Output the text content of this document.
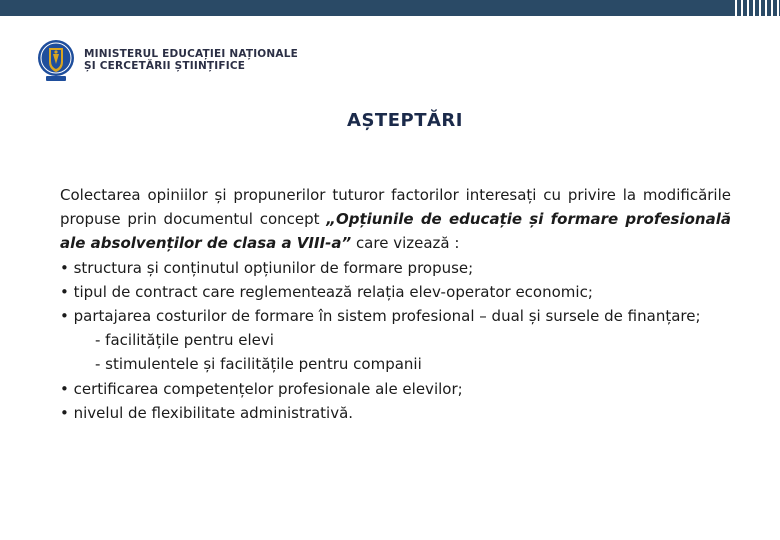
MINISTERUL EDUCAȚIEI NAȚIONALE
ȘI CERCETĂRII ȘTIINȚIFICE
AȘTEPTĂRI

Colectarea opiniilor și propunerilor tuturor factorilor interesați cu privire la modificările propuse prin documentul concept „Opțiunile de educație și formare profesională ale absolvenților de clasa a VIII-a” care vizează :

• structura și conținutul opțiunilor de formare propuse;
• tipul de contract care reglementează relația elev-operator economic;
• partajarea costurilor de formare în sistem profesional – dual și sursele de finanțare;
- facilitățile pentru elevi
- stimulentele și facilitățile pentru companii
• certificarea competențelor profesionale ale elevilor;
• nivelul de flexibilitate administrativă.
